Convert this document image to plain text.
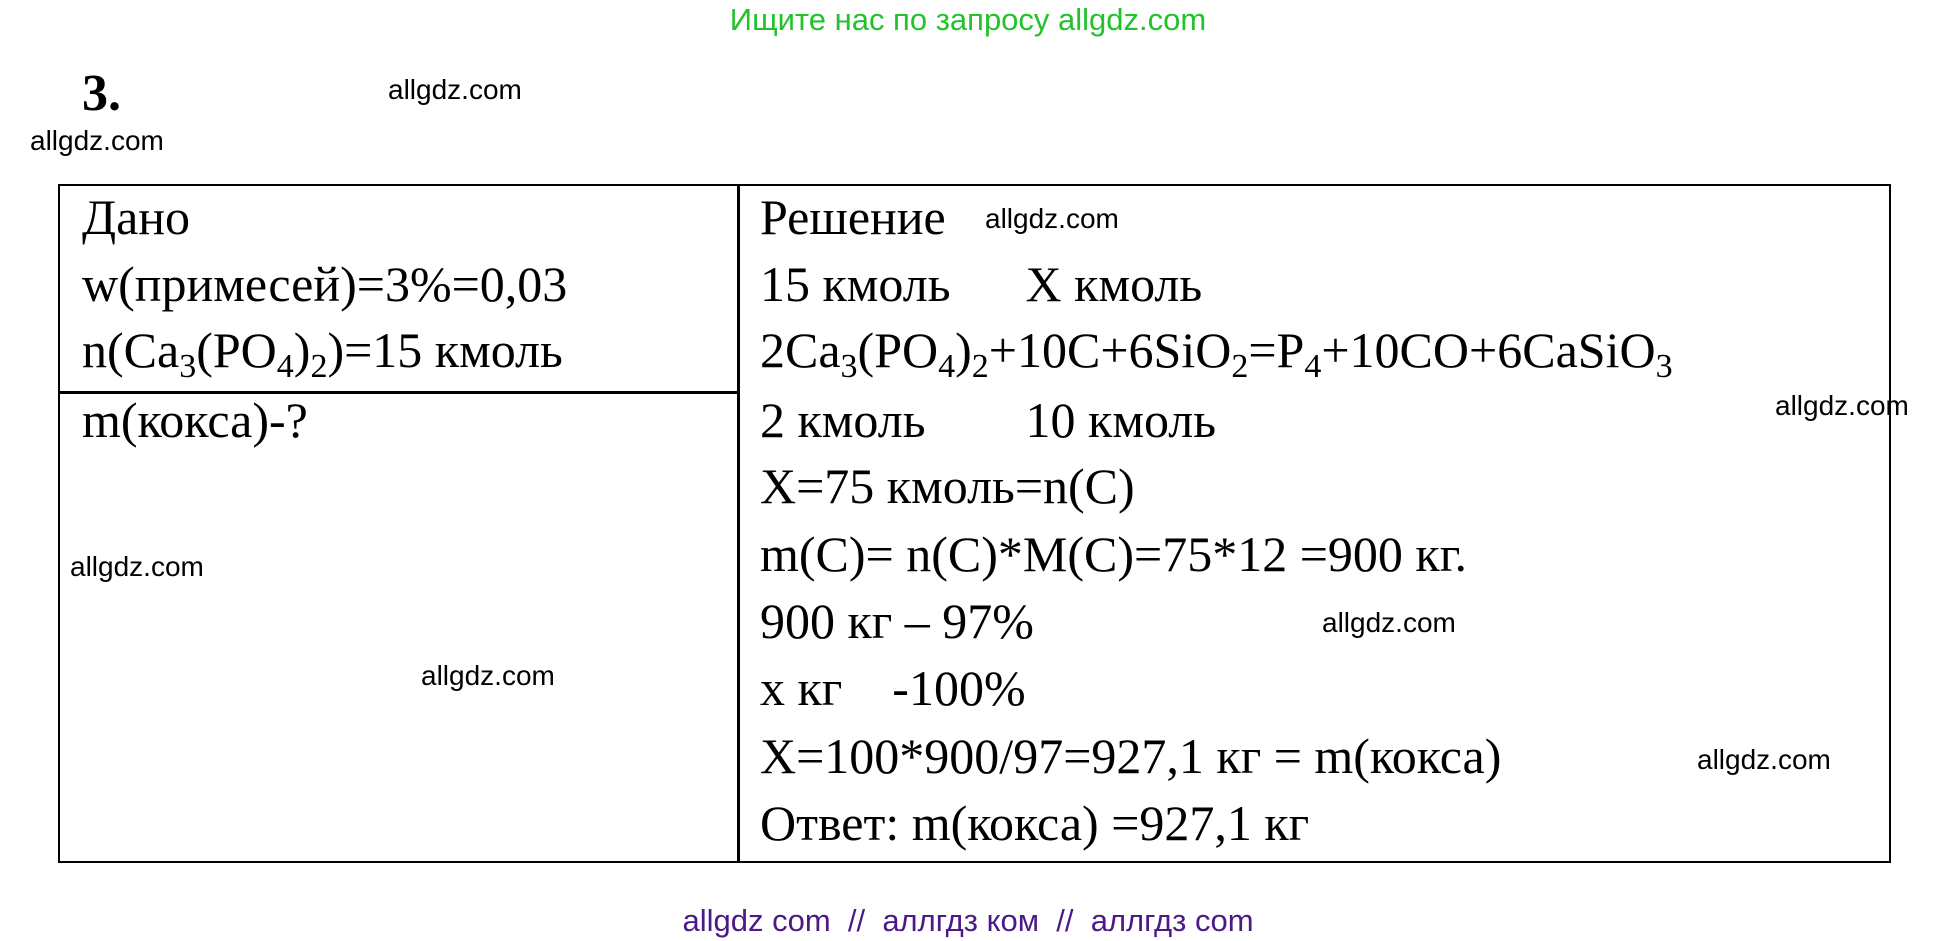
Ищите нас по запросу allgdz.com
3.	allgdz.com
allgdz.com
allgdz.com
allgdz.com
allgdz.com
allgdz.com
allgdz.com
allgdz.com
Дано
w(примесей)=3%=0,03
$n(Ca_3(PO_4)_2)=15$ кмоль
m(кокса)-?
Решение
15 кмоль      X кмоль
$2Ca_3(PO_4)_2+10C+6SiO_2=P_4+10CO+6CaSiO_3$
2 кмоль        10 кмоль
X=75 кмоль=n(C)
m(C)= n(C)*M(C)=75*12 =900 кг.
900 кг – 97%
х кг    -100%
X=100*900/97=927,1 кг = m(кокса)
Ответ: m(кокса) =927,1 кг
allgdz com  //  аллгдз ком  //  аллгдз com
